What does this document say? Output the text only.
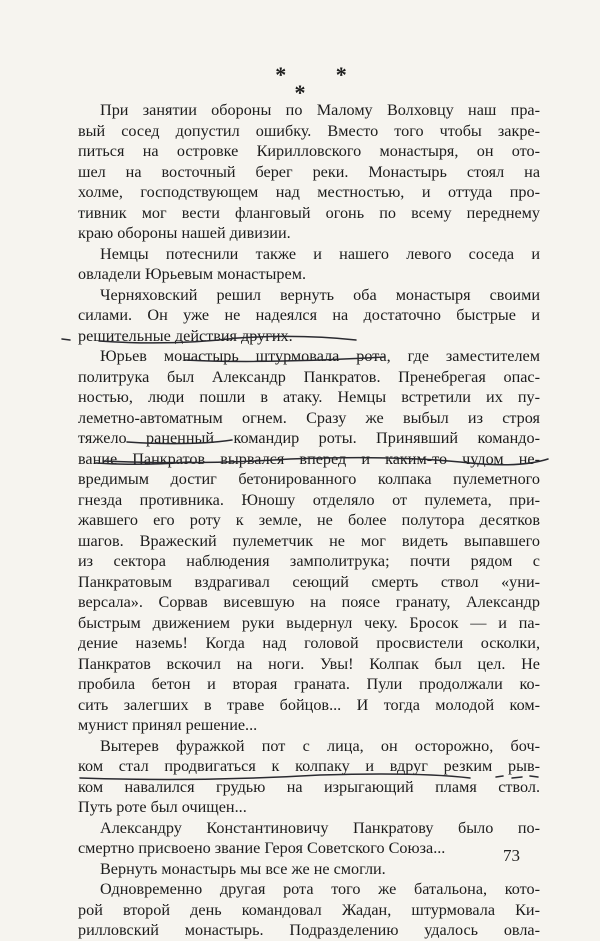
* *
*
При занятии обороны по Малому Волховцу наш пра-
вый сосед допустил ошибку. Вместо того чтобы закре-
питься на островке Кирилловского монастыря, он ото-
шел на восточный берег реки. Монастырь стоял на
холме, господствующем над местностью, и оттуда про-
тивник мог вести фланговый огонь по всему переднему
краю обороны нашей дивизии.
Немцы потеснили также и нашего левого соседа и
овладели Юрьевым монастырем.
Черняховский решил вернуть оба монастыря своими
силами. Он уже не надеялся на достаточно быстрые и
решительные действия других.
Юрьев монастырь штурмовала рота, где заместителем
политрука был Александр Панкратов. Пренебрегая опас-
ностью, люди пошли в атаку. Немцы встретили их пу-
леметно-автоматным огнем. Сразу же выбыл из строя
тяжело раненный командир роты. Принявший командо-
вание Панкратов вырвался вперед и каким-то чудом не-
вредимым достиг бетонированного колпака пулеметного
гнезда противника. Юношу отделяло от пулемета, при-
жавшего его роту к земле, не более полутора десятков
шагов. Вражеский пулеметчик не мог видеть выпавшего
из сектора наблюдения замполитрука; почти рядом с
Панкратовым вздрагивал сеющий смерть ствол «уни-
версала». Сорвав висевшую на поясе гранату, Александр
быстрым движением руки выдернул чеку. Бросок — и па-
дение наземь! Когда над головой просвистели осколки,
Панкратов вскочил на ноги. Увы! Колпак был цел. Не
пробила бетон и вторая граната. Пули продолжали ко-
сить залегших в траве бойцов... И тогда молодой ком-
мунист принял решение...
Вытерев фуражкой пот с лица, он осторожно, боч-
ком стал продвигаться к колпаку и вдруг резким рыв-
ком навалился грудью на изрыгающий пламя ствол.
Путь роте был очищен...
Александру Константиновичу Панкратову было по-
смертно присвоено звание Героя Советского Союза...
Вернуть монастырь мы все же не смогли.
Одновременно другая рота того же батальона, кото-
рой второй день командовал Жадан, штурмовала Ки-
рилловский монастырь. Подразделению удалось овла-
73
